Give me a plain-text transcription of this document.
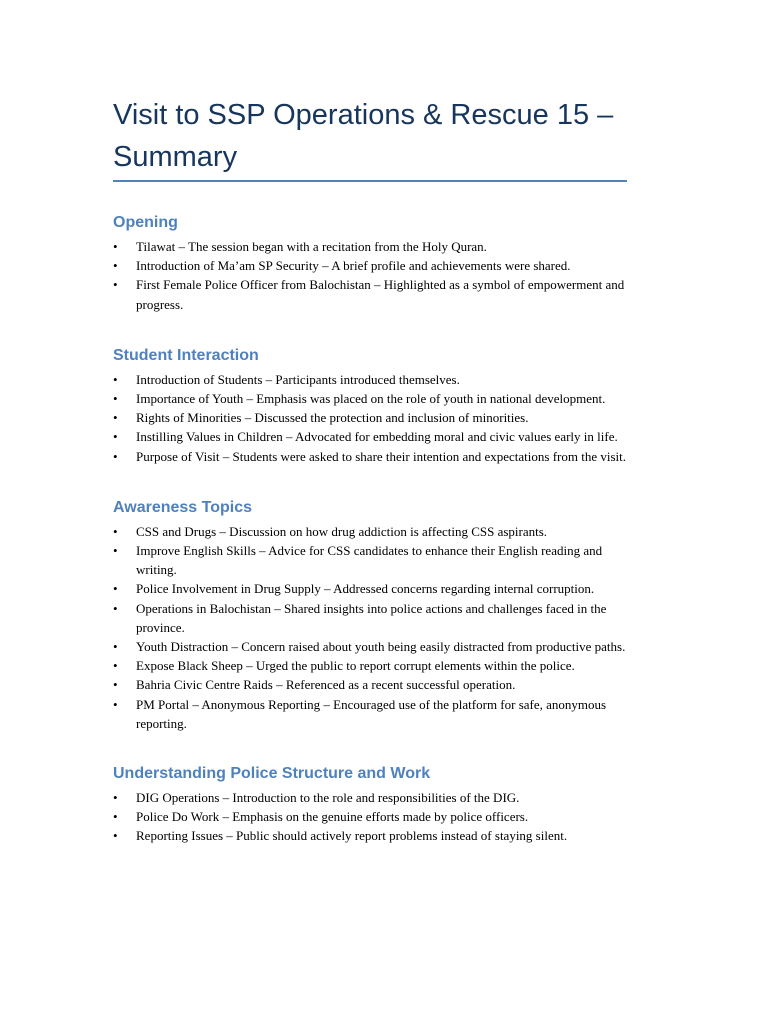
Visit to SSP Operations & Rescue 15 – Summary
Opening
• Tilawat – The session began with a recitation from the Holy Quran.
• Introduction of Ma’am SP Security – A brief profile and achievements were shared.
• First Female Police Officer from Balochistan – Highlighted as a symbol of empowerment and progress.
Student Interaction
• Introduction of Students – Participants introduced themselves.
• Importance of Youth – Emphasis was placed on the role of youth in national development.
• Rights of Minorities – Discussed the protection and inclusion of minorities.
• Instilling Values in Children – Advocated for embedding moral and civic values early in life.
• Purpose of Visit – Students were asked to share their intention and expectations from the visit.
Awareness Topics
• CSS and Drugs – Discussion on how drug addiction is affecting CSS aspirants.
• Improve English Skills – Advice for CSS candidates to enhance their English reading and writing.
• Police Involvement in Drug Supply – Addressed concerns regarding internal corruption.
• Operations in Balochistan – Shared insights into police actions and challenges faced in the province.
• Youth Distraction – Concern raised about youth being easily distracted from productive paths.
• Expose Black Sheep – Urged the public to report corrupt elements within the police.
• Bahria Civic Centre Raids – Referenced as a recent successful operation.
• PM Portal – Anonymous Reporting – Encouraged use of the platform for safe, anonymous reporting.
Understanding Police Structure and Work
• DIG Operations – Introduction to the role and responsibilities of the DIG.
• Police Do Work – Emphasis on the genuine efforts made by police officers.
• Reporting Issues – Public should actively report problems instead of staying silent.
